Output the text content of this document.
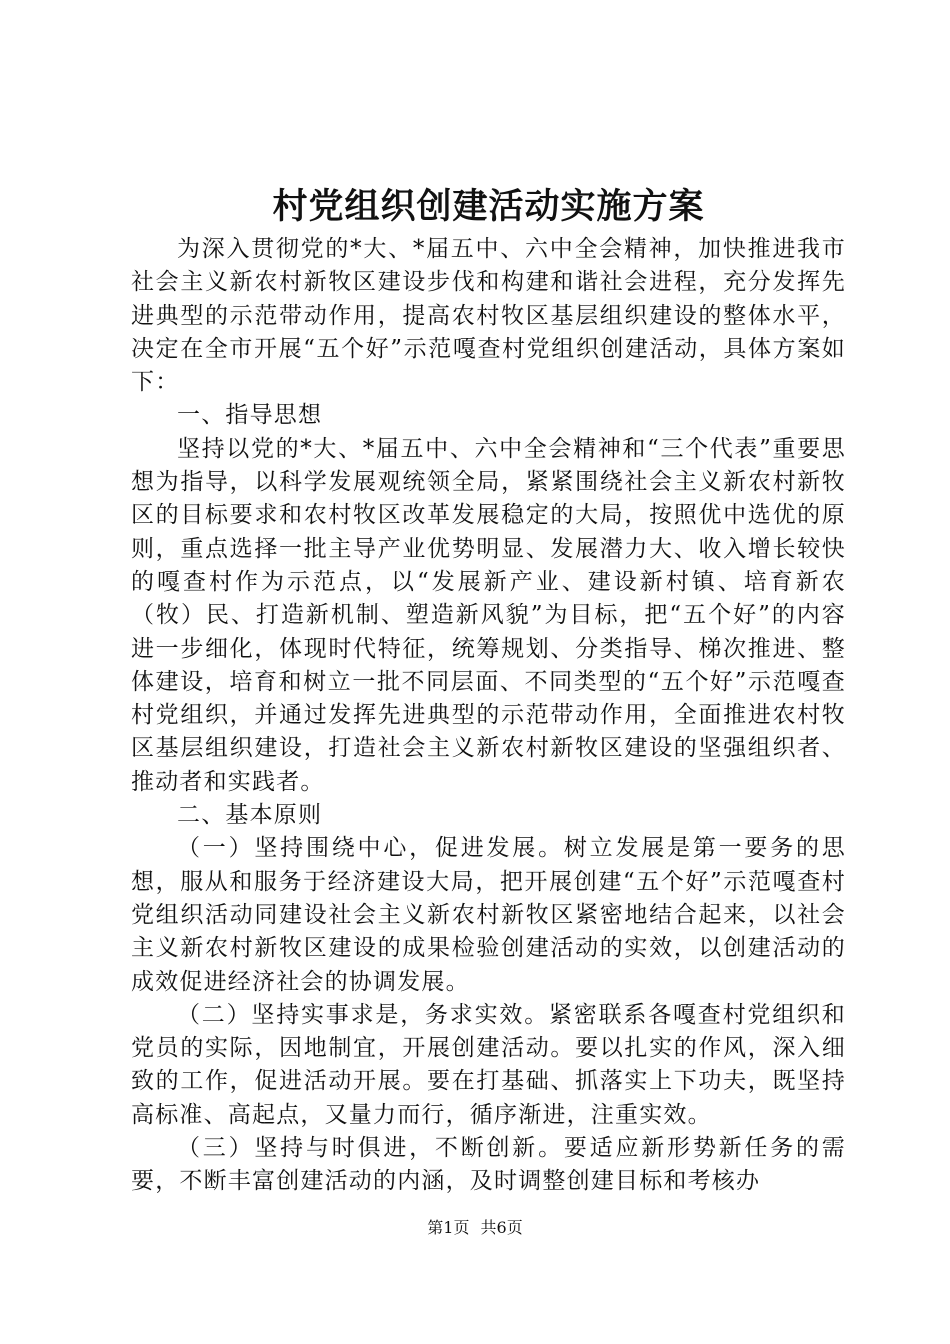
村党组织创建活动实施方案

为深入贯彻党的*大、*届五中、六中全会精神，加快推进我市社会主义新农村新牧区建设步伐和构建和谐社会进程，充分发挥先进典型的示范带动作用，提高农村牧区基层组织建设的整体水平，决定在全市开展“五个好”示范嘎查村党组织创建活动，具体方案如下：

一、指导思想

坚持以党的*大、*届五中、六中全会精神和“三个代表”重要思想为指导，以科学发展观统领全局，紧紧围绕社会主义新农村新牧区的目标要求和农村牧区改革发展稳定的大局，按照优中选优的原则，重点选择一批主导产业优势明显、发展潜力大、收入增长较快的嘎查村作为示范点，以“发展新产业、建设新村镇、培育新农（牧）民、打造新机制、塑造新风貌”为目标，把“五个好”的内容进一步细化，体现时代特征，统筹规划、分类指导、梯次推进、整体建设，培育和树立一批不同层面、不同类型的“五个好”示范嘎查村党组织，并通过发挥先进典型的示范带动作用，全面推进农村牧区基层组织建设，打造社会主义新农村新牧区建设的坚强组织者、推动者和实践者。

二、基本原则

（一）坚持围绕中心，促进发展。树立发展是第一要务的思想，服从和服务于经济建设大局，把开展创建“五个好”示范嘎查村党组织活动同建设社会主义新农村新牧区紧密地结合起来，以社会主义新农村新牧区建设的成果检验创建活动的实效，以创建活动的成效促进经济社会的协调发展。

（二）坚持实事求是，务求实效。紧密联系各嘎查村党组织和党员的实际，因地制宜，开展创建活动。要以扎实的作风，深入细致的工作，促进活动开展。要在打基础、抓落实上下功夫，既坚持高标准、高起点，又量力而行，循序渐进，注重实效。

（三）坚持与时俱进，不断创新。要适应新形势新任务的需要，不断丰富创建活动的内涵，及时调整创建目标和考核办

第1页 共6页
